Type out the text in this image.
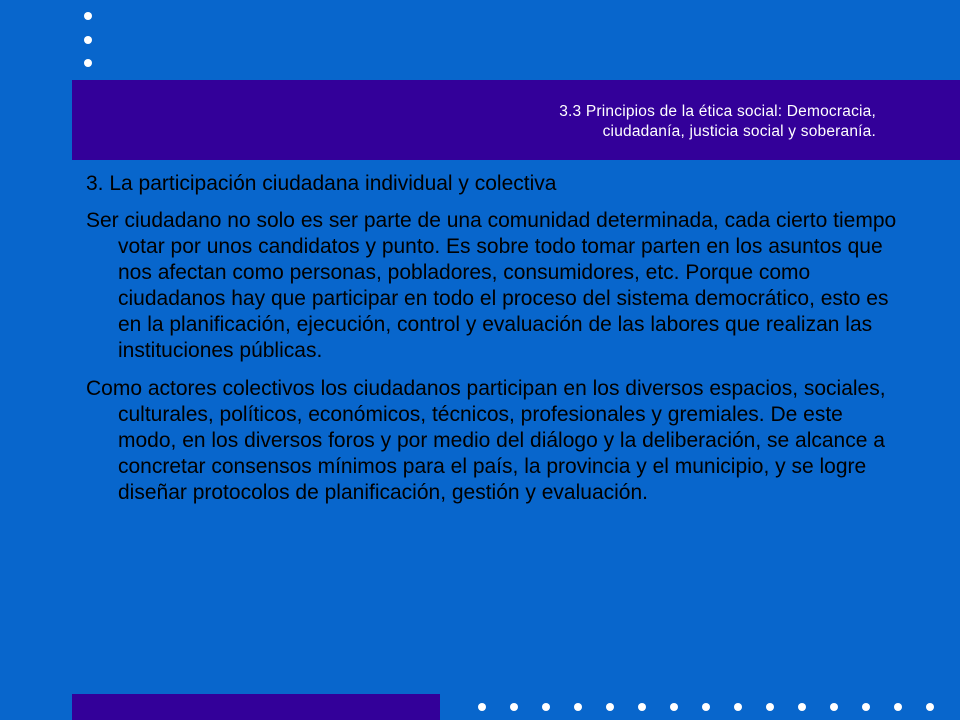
3.3 Principios de la ética social: Democracia,
ciudadanía, justicia social y soberanía.

3. La participación ciudadana individual y colectiva

Ser ciudadano no solo es ser parte de una comunidad determinada, cada cierto tiempo votar por unos candidatos y punto. Es sobre todo tomar parten en los asuntos que nos afectan como personas, pobladores, consumidores, etc. Porque como ciudadanos hay que participar en todo el proceso del sistema democrático, esto es en la planificación, ejecución, control y evaluación de las labores que realizan las instituciones públicas.

Como actores colectivos los ciudadanos participan en los diversos espacios, sociales, culturales, políticos, económicos, técnicos, profesionales y gremiales. De este modo, en los diversos foros y por medio del diálogo y la deliberación, se alcance a concretar consensos mínimos para el país, la provincia y el municipio, y se logre diseñar protocolos de planificación, gestión y evaluación.
